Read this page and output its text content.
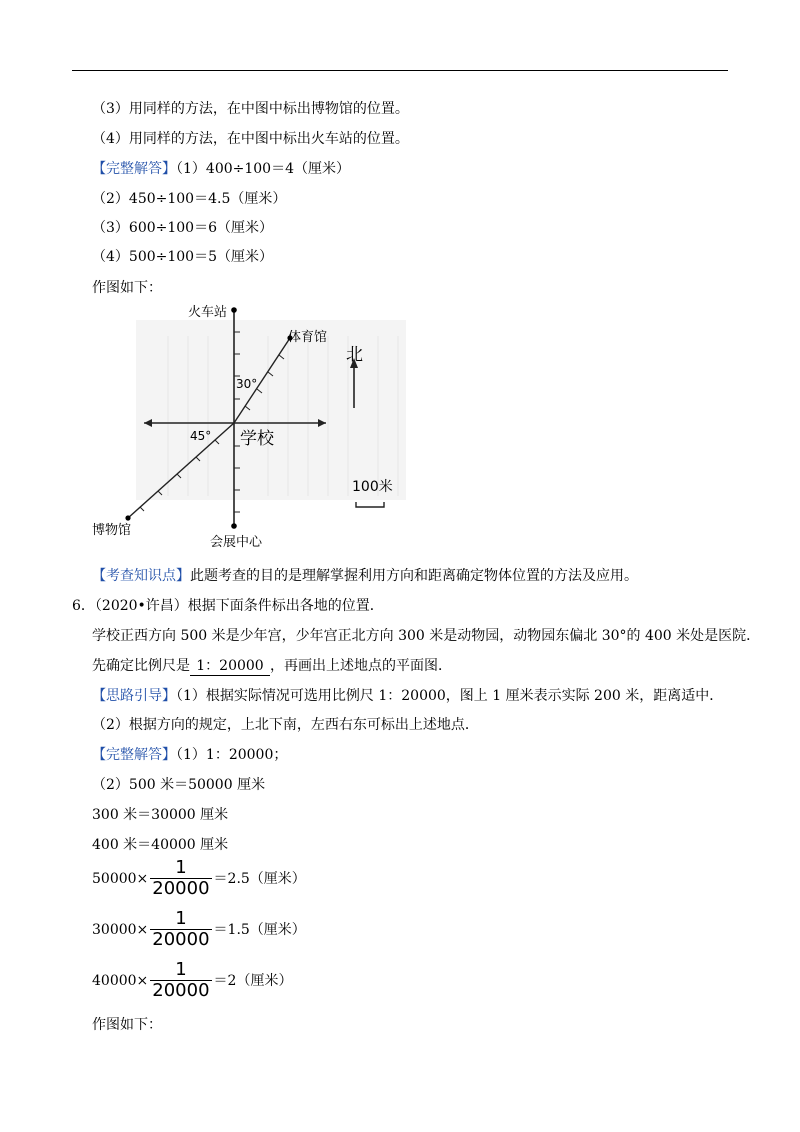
（3）用同样的方法，在中图中标出博物馆的位置。
（4）用同样的方法，在中图中标出火车站的位置。
【完整解答】（1）400÷100＝4（厘米）
（2）450÷100＝4.5（厘米）
（3）600÷100＝6（厘米）
（4）500÷100＝5（厘米）
作图如下：
火车站
体育馆
北
30°
45° 学校
100米
博物馆
会展中心
【考查知识点】此题考查的目的是理解掌握利用方向和距离确定物体位置的方法及应用。
6．（2020•许昌）根据下面条件标出各地的位置．
学校正西方向 500 米是少年宫，少年宫正北方向 300 米是动物园，动物园东偏北 30°的 400 米处是医院．
先确定比例尺是 1：20000 ，再画出上述地点的平面图．
【思路引导】（1）根据实际情况可选用比例尺 1：20000，图上 1 厘米表示实际 200 米，距离适中．
（2）根据方向的规定，上北下南，左西右东可标出上述地点．
【完整解答】（1）1：20000；
（2）500 米＝50000 厘米
300 米＝30000 厘米
400 米＝40000 厘米
$50000\times \frac{1}{20000} =2.5$（厘米）
$30000\times \frac{1}{20000} =1.5$（厘米）
$40000\times \frac{1}{20000} =2$（厘米）
作图如下：
